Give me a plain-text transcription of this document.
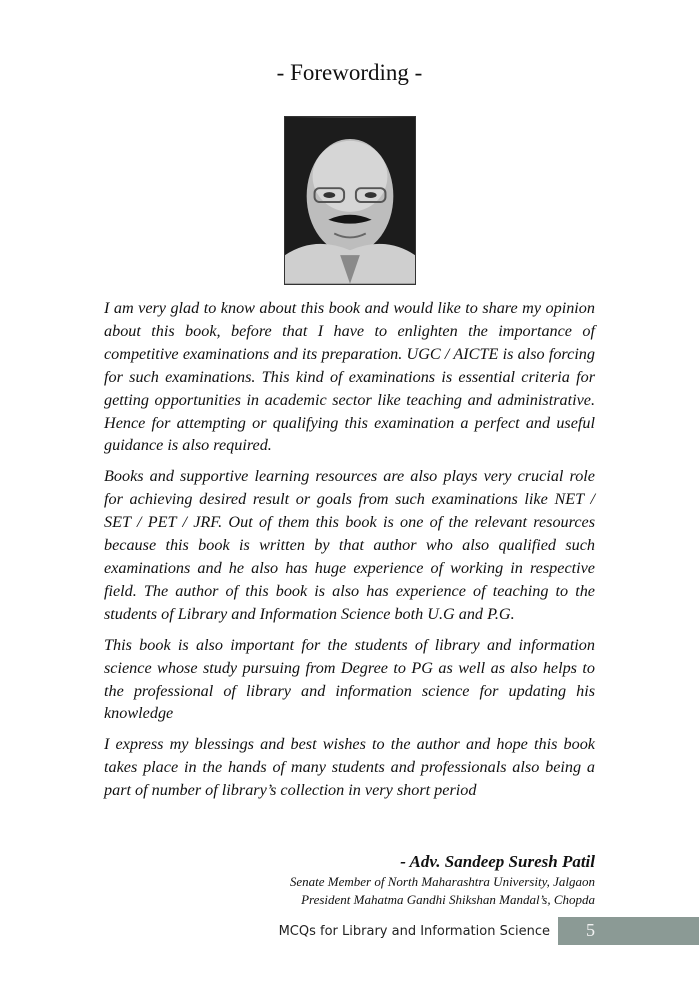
- Forewording -

I am very glad to know about this book and would like to share my opinion about this book, before that I have to enlighten the importance of competitive examinations and its preparation. UGC / AICTE is also forcing for such examinations. This kind of examinations is essential criteria for getting opportunities in academic sector like teaching and administrative. Hence for attempting or qualifying this examination a perfect and useful guidance is also required.

Books and supportive learning resources are also plays very crucial role for achieving desired result or goals from such examinations like NET / SET / PET / JRF. Out of them this book is one of the relevant resources because this book is written by that author who also qualified such examinations and he also has huge experience of working in respective field. The author of this book is also has experience of teaching to the students of Library and Information Science both U.G and P.G.

This book is also important for the students of library and information science whose study pursuing from Degree to PG as well as also helps to the professional of library and information science for updating his knowledge

I express my blessings and best wishes to the author and hope this book takes place in the hands of many students and professionals also being a part of number of library’s collection in very short period

- Adv. Sandeep Suresh Patil
Senate Member of North Maharashtra University, Jalgaon
President Mahatma Gandhi Shikshan Mandal’s, Chopda
MCQs for Library and Information Science 5
